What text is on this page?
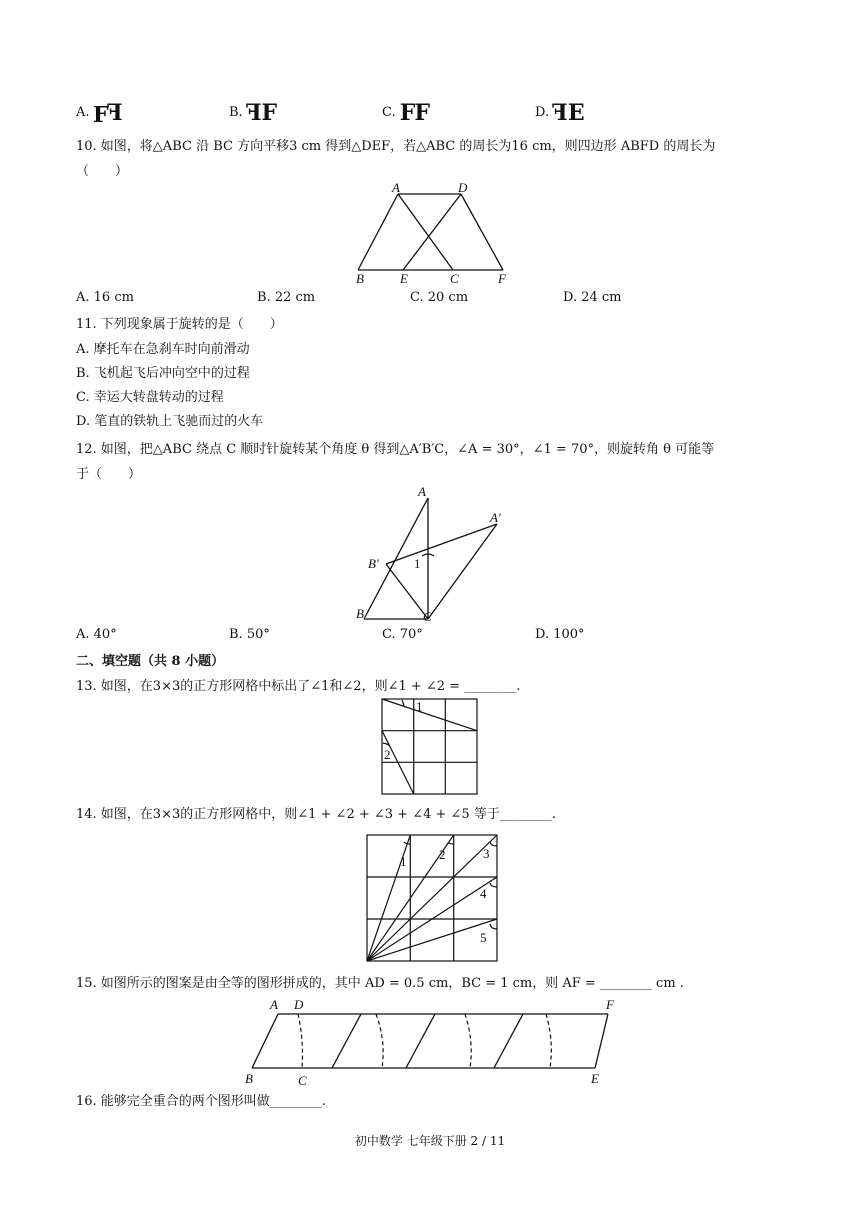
A. ℲF	B. FF	C. FF	D. FE
10. 如图，将△ABC 沿 BC 方向平移3 cm 得到△DEF，若△ABC 的周长为16 cm，则四边形 ABFD 的周长为
（　　）
A	D
B	E	C	F
A. 16 cm	B. 22 cm	C. 20 cm	D. 24 cm
11. 下列现象属于旋转的是（　　）
A. 摩托车在急刹车时向前滑动
B. 飞机起飞后冲向空中的过程
C. 幸运大转盘转动的过程
D. 笔直的铁轨上飞驰而过的火车
12. 如图，把△ABC 绕点 C 顺时针旋转某个角度 θ 得到△A′B′C，∠A = 30°，∠1 = 70°，则旋转角 θ 可能等
于（　　）
A
A′
B′	1
B	C
A. 40°	B. 50°	C. 70°	D. 100°
二、填空题（共 8 小题）
13. 如图，在3×3的正方形网格中标出了∠1和∠2，则∠1 + ∠2 = ________.
1
2
14. 如图，在3×3的正方形网格中，则∠1 + ∠2 + ∠3 + ∠4 + ∠5 等于________.
1	2	3
4
5
15. 如图所示的图案是由全等的图形拼成的，其中 AD = 0.5 cm，BC = 1 cm，则 AF = ________ cm .
A D	F
B	C	E
16. 能够完全重合的两个图形叫做________.
初中数学 七年级下册 2 / 11
